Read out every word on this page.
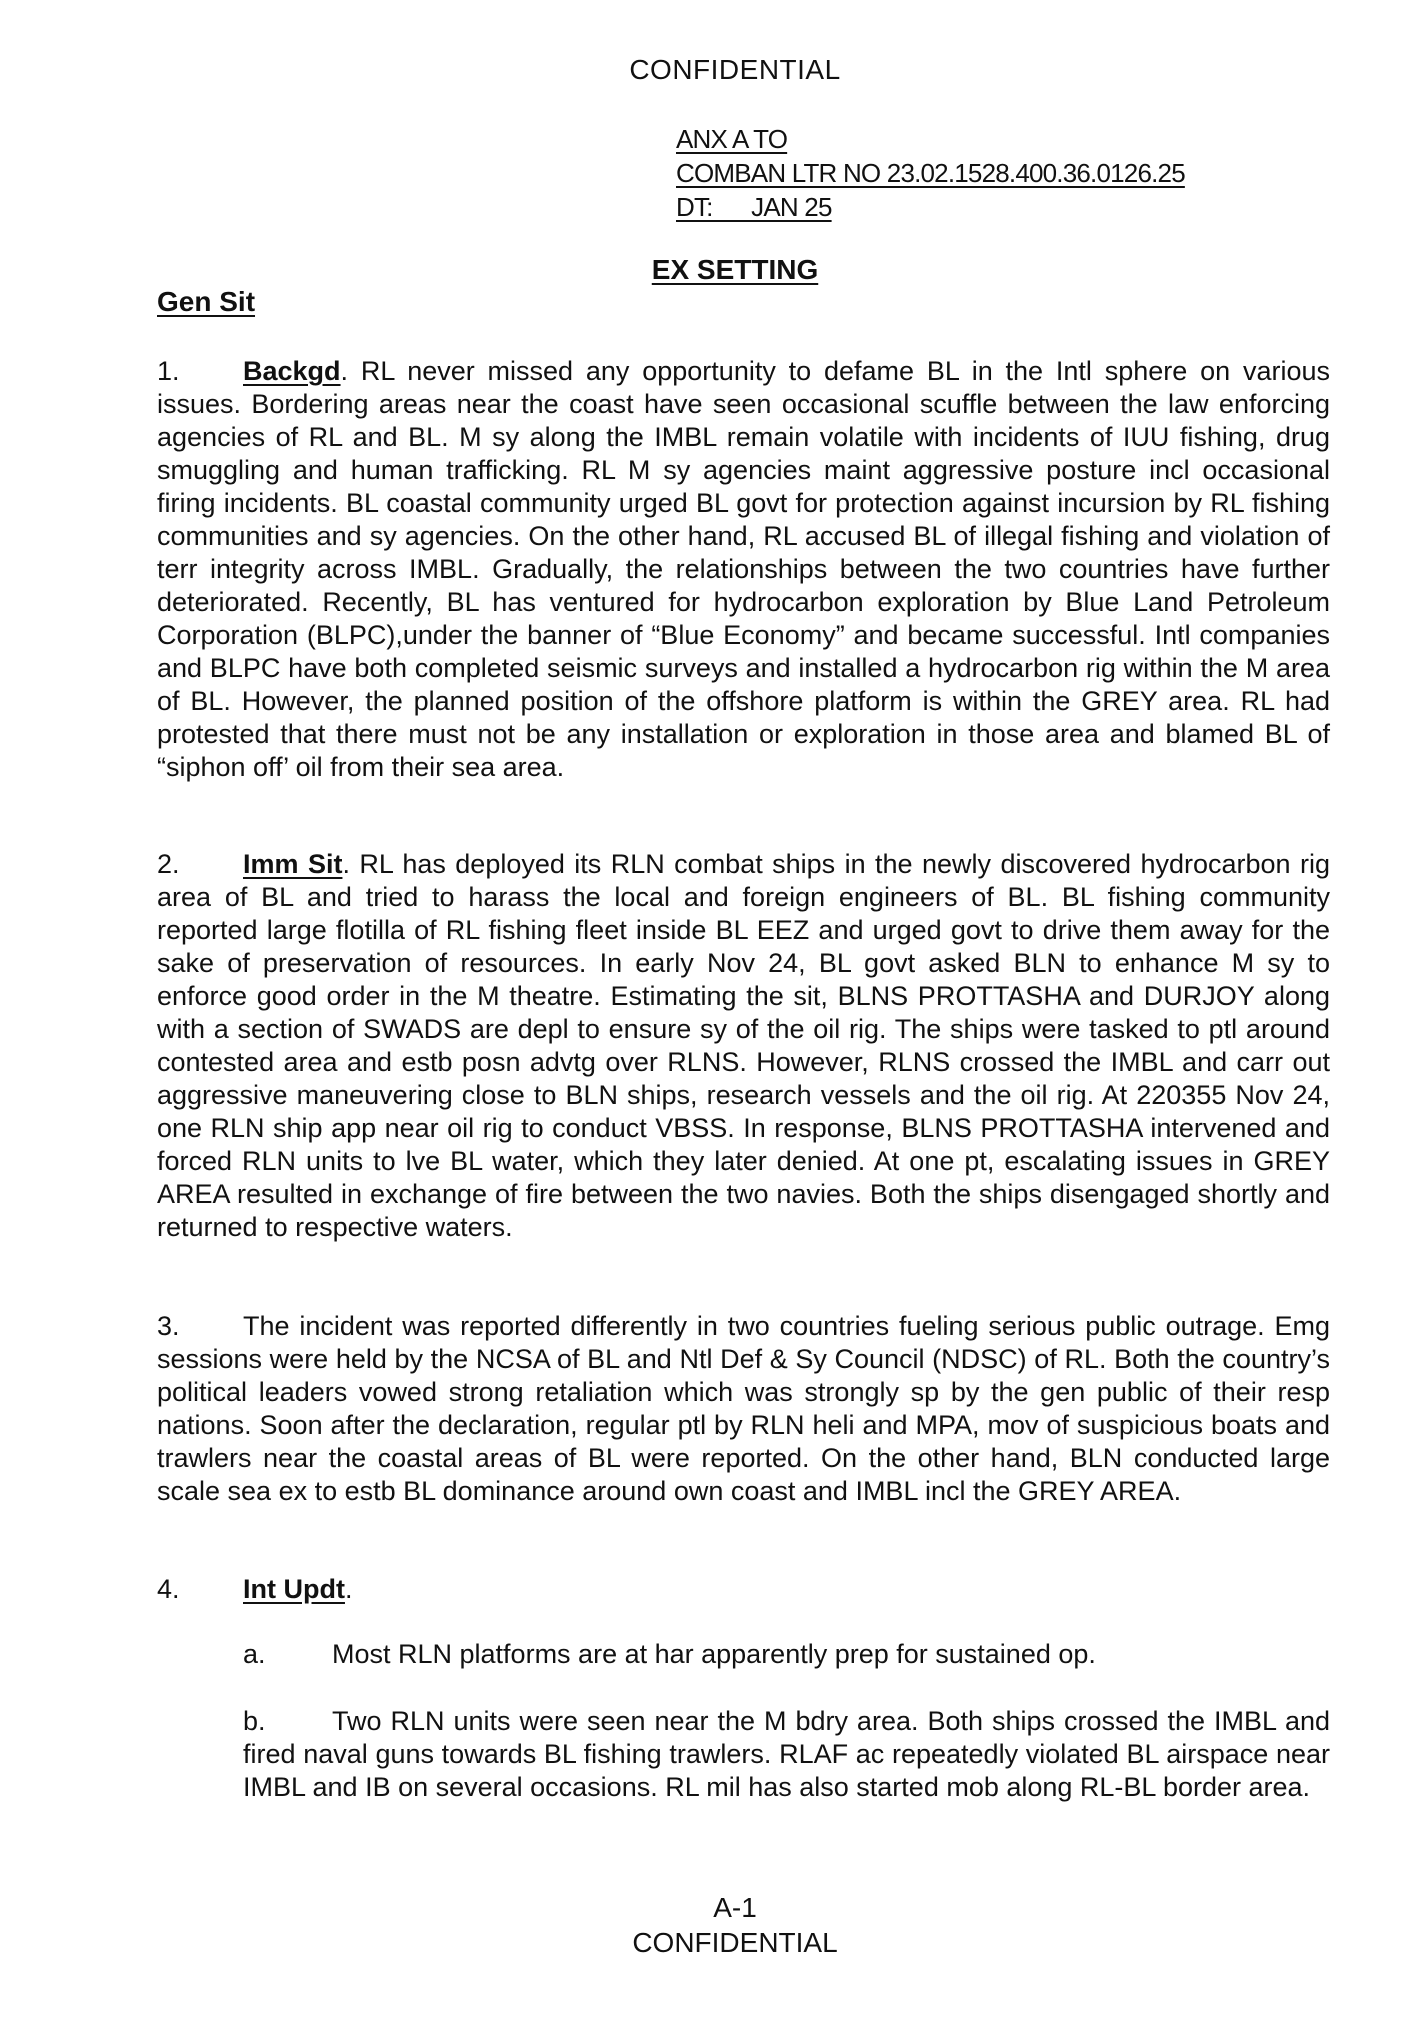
CONFIDENTIAL
ANX A TO
COMBAN LTR NO 23.02.1528.400.36.0126.25
DT:      JAN 25
EX SETTING
Gen Sit
1. Backgd. RL never missed any opportunity to defame BL in the Intl sphere on various issues. Bordering areas near the coast have seen occasional scuffle between the law enforcing agencies of RL and BL. M sy along the IMBL remain volatile with incidents of IUU fishing, drug smuggling and human trafficking. RL M sy agencies maint aggressive posture incl occasional firing incidents. BL coastal community urged BL govt for protection against incursion by RL fishing communities and sy agencies. On the other hand, RL accused BL of illegal fishing and violation of terr integrity across IMBL. Gradually, the relationships between the two countries have further deteriorated. Recently, BL has ventured for hydrocarbon exploration by Blue Land Petroleum Corporation (BLPC),under the banner of “Blue Economy” and became successful. Intl companies and BLPC have both completed seismic surveys and installed a hydrocarbon rig within the M area of BL. However, the planned position of the offshore platform is within the GREY area. RL had protested that there must not be any installation or exploration in those area and blamed BL of “siphon off’ oil from their sea area.
2. Imm Sit. RL has deployed its RLN combat ships in the newly discovered hydrocarbon rig area of BL and tried to harass the local and foreign engineers of BL. BL fishing community reported large flotilla of RL fishing fleet inside BL EEZ and urged govt to drive them away for the sake of preservation of resources. In early Nov 24, BL govt asked BLN to enhance M sy to enforce good order in the M theatre. Estimating the sit, BLNS PROTTASHA and DURJOY along with a section of SWADS are depl to ensure sy of the oil rig. The ships were tasked to ptl around contested area and estb posn advtg over RLNS. However, RLNS crossed the IMBL and carr out aggressive maneuvering close to BLN ships, research vessels and the oil rig. At 220355 Nov 24, one RLN ship app near oil rig to conduct VBSS. In response, BLNS PROTTASHA intervened and forced RLN units to lve BL water, which they later denied. At one pt, escalating issues in GREY AREA resulted in exchange of fire between the two navies. Both the ships disengaged shortly and returned to respective waters.
3. The incident was reported differently in two countries fueling serious public outrage. Emg sessions were held by the NCSA of BL and Ntl Def & Sy Council (NDSC) of RL. Both the country’s political leaders vowed strong retaliation which was strongly sp by the gen public of their resp nations. Soon after the declaration, regular ptl by RLN heli and MPA, mov of suspicious boats and trawlers near the coastal areas of BL were reported. On the other hand, BLN conducted large scale sea ex to estb BL dominance around own coast and IMBL incl the GREY AREA.
4. Int Updt.
a. Most RLN platforms are at har apparently prep for sustained op.
b. Two RLN units were seen near the M bdry area. Both ships crossed the IMBL and fired naval guns towards BL fishing trawlers. RLAF ac repeatedly violated BL airspace near IMBL and IB on several occasions. RL mil has also started mob along RL-BL border area.
A-1
CONFIDENTIAL
